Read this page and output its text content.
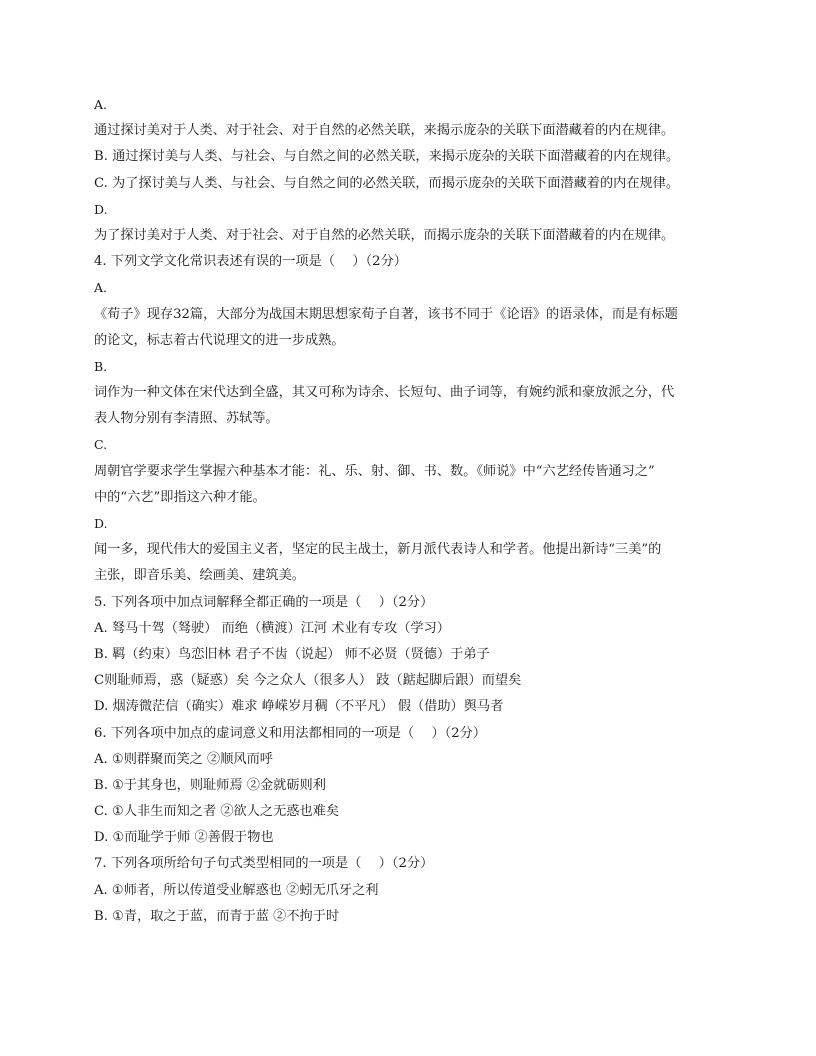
A.
通过探讨美对于人类、对于社会、对于自然的必然关联，来揭示庞杂的关联下面潜藏着的内在规律。
B. 通过探讨美与人类、与社会、与自然之间的必然关联，来揭示庞杂的关联下面潜藏着的内在规律。
C. 为了探讨美与人类、与社会、与自然之间的必然关联，而揭示庞杂的关联下面潜藏着的内在规律。
D.
为了探讨美对于人类、对于社会、对于自然的必然关联，而揭示庞杂的关联下面潜藏着的内在规律。
4. 下列文学文化常识表述有误的一项是（　 ）（2分）
A.
《荀子》现存32篇，大部分为战国末期思想家荀子自著，该书不同于《论语》的语录体，而是有标题
的论文，标志着古代说理文的进一步成熟。
B.
词作为一种文体在宋代达到全盛，其又可称为诗余、长短句、曲子词等，有婉约派和豪放派之分，代
表人物分别有李清照、苏轼等。
C.
周朝官学要求学生掌握六种基本才能：礼、乐、射、御、书、数。《师说》中“六艺经传皆通习之”
中的“六艺”即指这六种才能。
D.
闻一多，现代伟大的爱国主义者，坚定的民主战士，新月派代表诗人和学者。他提出新诗“三美”的
主张，即音乐美、绘画美、建筑美。
5. 下列各项中加点词解释全都正确的一项是（　 ）（2分）
A. 驽马十驾（驽驶） 而绝（横渡）江河 术业有专攻（学习）
B. 羁（约束）鸟恋旧林 君子不齿（说起） 师不必贤（贤德）于弟子
C则耻师焉，惑（疑惑）矣 今之众人（很多人） 跂（踮起脚后跟）而望矣
D. 烟涛微茫信（确实）难求 峥嵘岁月稠（不平凡） 假（借助）舆马者
6. 下列各项中加点的虚词意义和用法都相同的一项是（　 ）（2分）
A. ①则群聚而笑之 ②顺风而呼
B. ①于其身也，则耻师焉 ②金就砺则利
C. ①人非生而知之者 ②欲人之无惑也难矣
D. ①而耻学于师 ②善假于物也
7. 下列各项所给句子句式类型相同的一项是（　 ）（2分）
A. ①师者，所以传道受业解惑也 ②蚓无爪牙之利
B. ①青，取之于蓝，而青于蓝 ②不拘于时
